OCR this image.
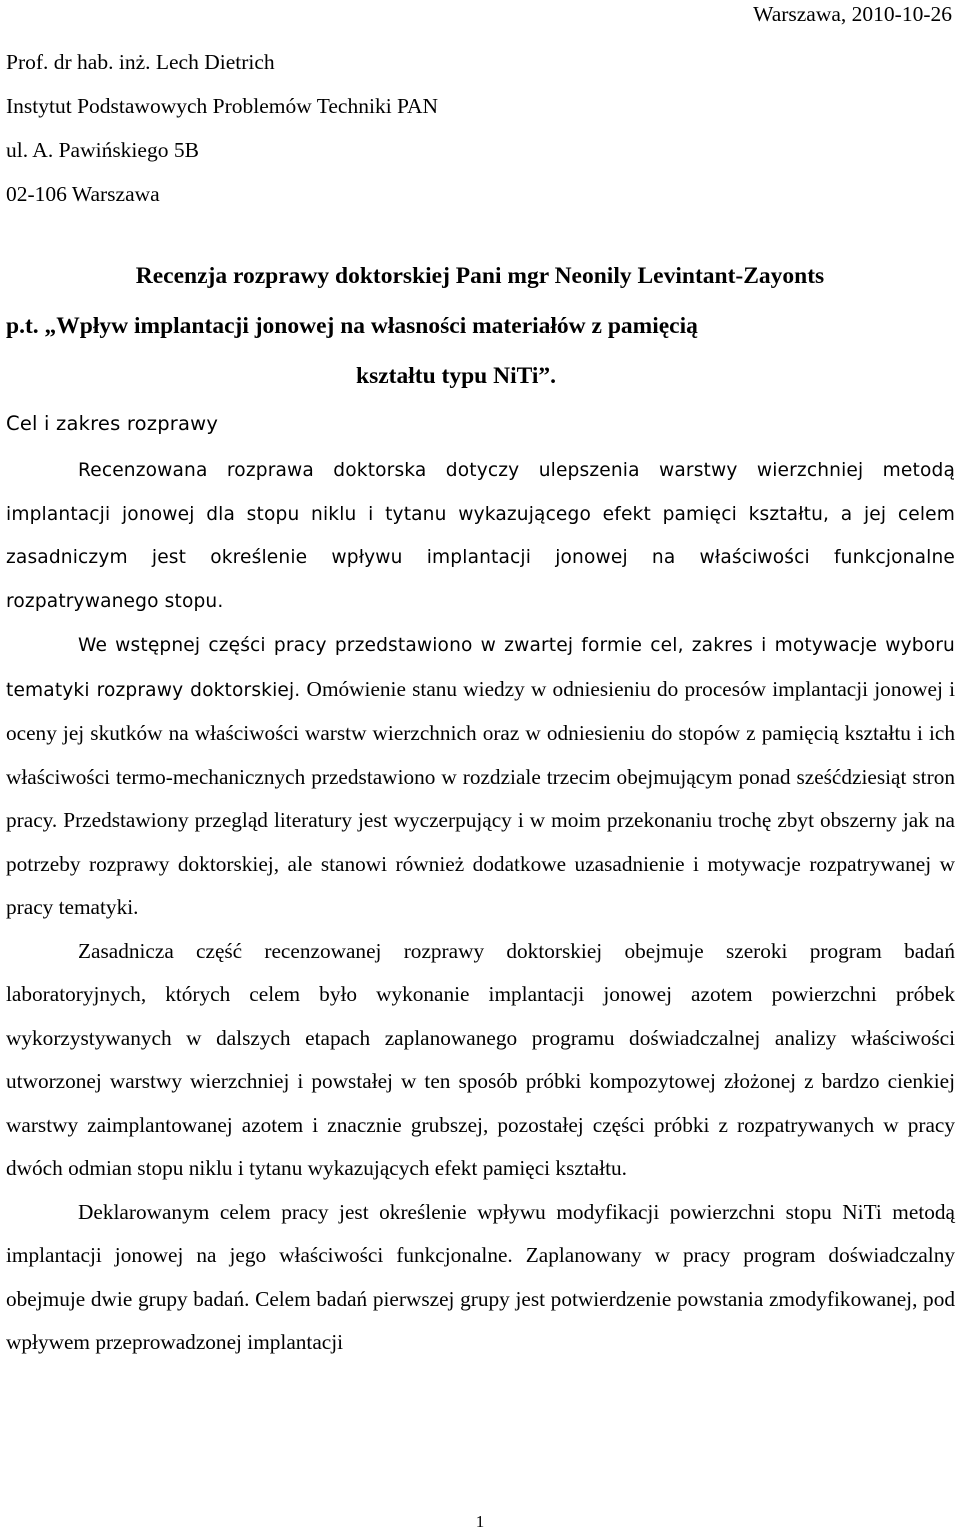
Warszawa, 2010-10-26

Prof. dr hab. inż. Lech Dietrich
Instytut Podstawowych Problemów Techniki PAN
ul. A. Pawińskiego 5B
02-106 Warszawa

Recenzja rozprawy doktorskiej Pani mgr Neonily Levintant-Zayonts

p.t. „Wpływ implantacji jonowej na własności materiałów z pamięcią

kształtu typu NiTi”.

Cel i zakres rozprawy

Recenzowana rozprawa doktorska dotyczy ulepszenia warstwy wierzchniej metodą implantacji jonowej dla stopu niklu i tytanu wykazującego efekt pamięci kształtu, a jej celem zasadniczym jest określenie wpływu implantacji jonowej na właściwości funkcjonalne rozpatrywanego stopu.

We wstępnej części pracy przedstawiono w zwartej formie cel, zakres i motywacje wyboru tematyki rozprawy doktorskiej. Omówienie stanu wiedzy w odniesieniu do procesów implantacji jonowej i oceny jej skutków na właściwości warstw wierzchnich oraz w odniesieniu do stopów z pamięcią kształtu i ich właściwości termo-mechanicznych przedstawiono w rozdziale trzecim obejmującym ponad sześćdziesiąt stron pracy. Przedstawiony przegląd literatury jest wyczerpujący i w moim przekonaniu trochę zbyt obszerny jak na potrzeby rozprawy doktorskiej, ale stanowi również dodatkowe uzasadnienie i motywacje rozpatrywanej w pracy tematyki.

Zasadnicza część recenzowanej rozprawy doktorskiej obejmuje szeroki program badań laboratoryjnych, których celem było wykonanie implantacji jonowej azotem powierzchni próbek wykorzystywanych w dalszych etapach zaplanowanego programu doświadczalnej analizy właściwości utworzonej warstwy wierzchniej i powstałej w ten sposób próbki kompozytowej złożonej z bardzo cienkiej warstwy zaimplantowanej azotem i znacznie grubszej, pozostałej części próbki z rozpatrywanych w pracy dwóch odmian stopu niklu i tytanu wykazujących efekt pamięci kształtu.

Deklarowanym celem pracy jest określenie wpływu modyfikacji powierzchni stopu NiTi metodą implantacji jonowej na jego właściwości funkcjonalne. Zaplanowany w pracy program doświadczalny obejmuje dwie grupy badań. Celem badań pierwszej grupy jest potwierdzenie powstania zmodyfikowanej, pod wpływem przeprowadzonej implantacji

1
